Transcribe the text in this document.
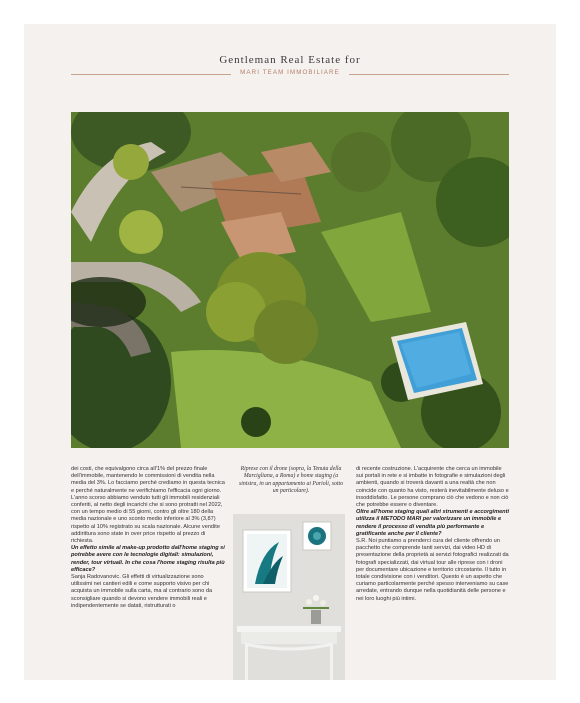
Gentleman Real Estate for
MARI TEAM IMMOBILIARE

dei costi, che equivalgono circa all'1% del prezzo finale dell'immobile, mantenendo le commissioni di vendita nella media del 3%. Lo facciamo perché crediamo in questa tecnica e perché naturalmente ne verifichiamo l'efficacia ogni giorno. L'anno scorso abbiamo venduto tutti gli immobili residenziali conferiti, al netto degli incarichi che si sono protratti nel 2022, con un tempo medio di 55 giorni, contro gli oltre 180 della media nazionale e uno sconto medio inferiore al 3% (3,87) rispetto al 10% registrato su scala nazionale. Alcune vendite addirittura sono state in over price rispetto al prezzo di richiesta.

Un effetto simile al make-up prodotto dall'home staging si potrebbe avere con le tecnologie digitali: simulazioni, render, tour virtuali. In che cosa l'home staging risulta più efficace?

Sanja Radovanovic. Gli effetti di virtualizzazione sono utilissimi nei cantieri edili e come supporto visivo per chi acquista un immobile sulla carta, ma al contrario sono da sconsigliare quando si devono vendere immobili reali e indipendentemente se datati, ristrutturati o

Riprese con il drone (sopra, la Tenuta della Marcigliana, a Roma) e home staging (a sinistra, in un appartamento ai Parioli, sotto un particolare).

di recente costruzione. L'acquirente che cerca un immobile sui portali in rete e si imbatte in fotografie e simulazioni degli ambienti, quando si troverà davanti a una realtà che non coincide con quanto ha visto, resterà inevitabilmente deluso e insoddisfatto. Le persone comprano ciò che vedono e non ciò che potrebbe essere o diventare.

Oltre all'home staging quali altri strumenti e accorgimenti utilizza il METODO MARI per valorizzare un immobile e rendere il processo di vendita più performante e gratificante anche per il cliente?

S.R. Noi puntiamo a prenderci cura del cliente offrendo un pacchetto che comprende tanti servizi, dai video HD di presentazione della proprietà ai servizi fotografici realizzati da fotografi specializzati, dai virtual tour alle riprese con i droni per documentare ubicazione e territorio circostante. Il tutto in totale condivisione con i venditori. Questo è un aspetto che curiamo particolarmente perché spesso interveniamo su case arredate, entrando dunque nella quotidianità delle persone e nei loro luoghi più intimi.
